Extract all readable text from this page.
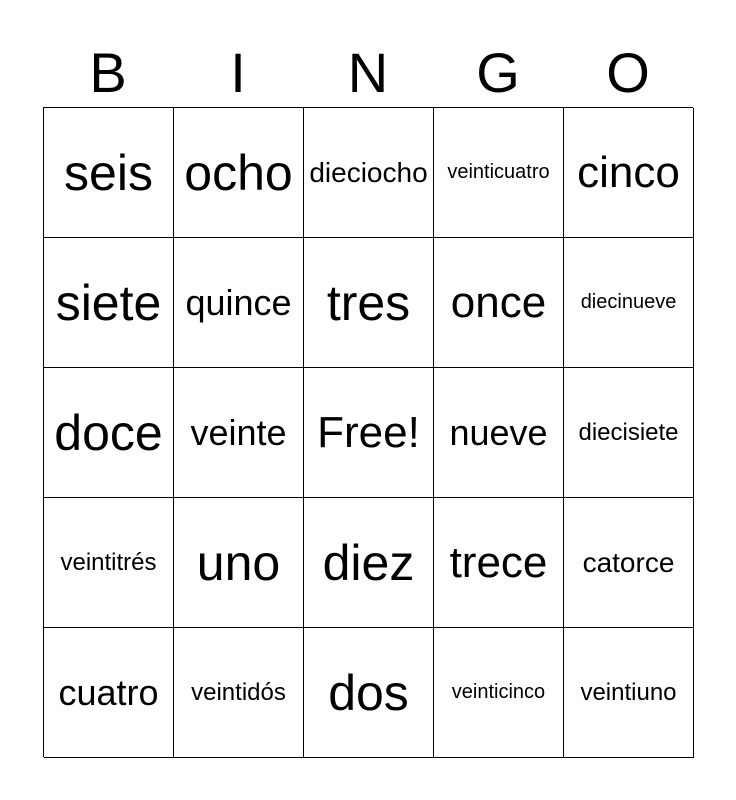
B	I	N	G	O
seis ocho dieciocho veinticuatro cinco
siete quince tres once	diecinueve
doce veinte Free! nueve	diecisiete
veintitrés uno diez trece	catorce
cuatro	veintidós dos	veinticinco	veintiuno
